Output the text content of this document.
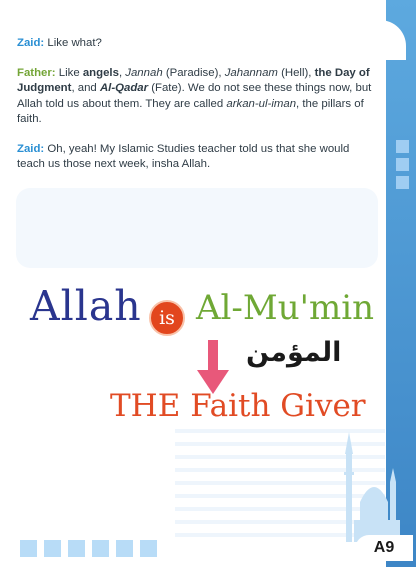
Zaid: Like what?

Father: Like angels, Jannah (Paradise), Jahannam (Hell), the Day of Judgment, and Al-Qadar (Fate). We do not see these things now, but Allah told us about them. They are called arkan-ul-iman, the pillars of faith.

Zaid: Oh, yeah! My Islamic Studies teacher told us that she would teach us those next week, insha Allah.

Allah is Al-Mu'min
المؤمن
THE Faith Giver
A9
